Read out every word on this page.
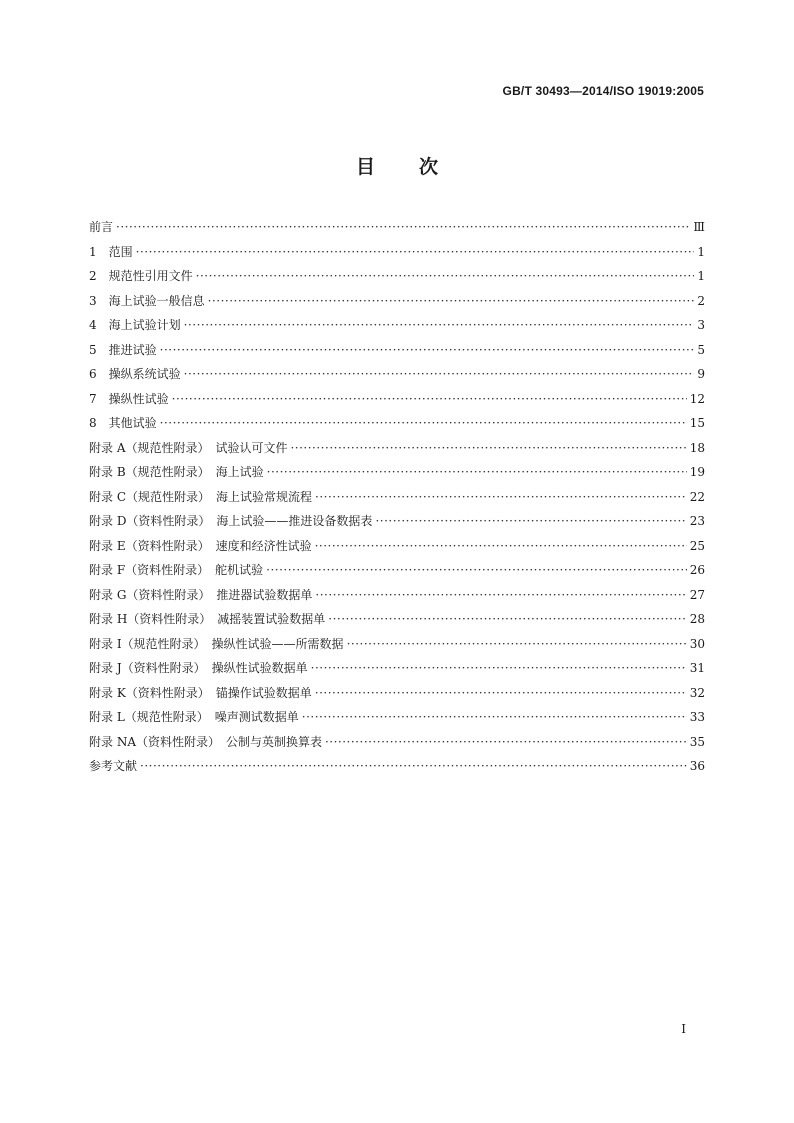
GB/T 30493—2014/ISO 19019:2005
目 次
前言 ·····	Ⅲ
1　范围 ·····	1
2　规范性引用文件 ·····	1
3　海上试验一般信息 ·····	2
4　海上试验计划 ·····	3
5　推进试验 ·····	5
6　操纵系统试验 ·····	9
7　操纵性试验 ·····	12
8　其他试验 ·····	15
附录 A（规范性附录）　试验认可文件 ·····	18
附录 B（规范性附录）　海上试验 ·····	19
附录 C（规范性附录）　海上试验常规流程 ·····	22
附录 D（资料性附录）　海上试验——推进设备数据表 ·····	23
附录 E（资料性附录）　速度和经济性试验 ·····	25
附录 F（资料性附录）　舵机试验 ·····	26
附录 G（资料性附录）　推进器试验数据单 ·····	27
附录 H（资料性附录）　减摇装置试验数据单 ·····	28
附录 I（规范性附录）　操纵性试验——所需数据 ·····	30
附录 J（资料性附录）　操纵性试验数据单 ·····	31
附录 K（资料性附录）　锚操作试验数据单 ·····	32
附录 L（规范性附录）　噪声测试数据单 ·····	33
附录 NA（资料性附录）　公制与英制换算表 ·····	35
参考文献 ·····	36
I
